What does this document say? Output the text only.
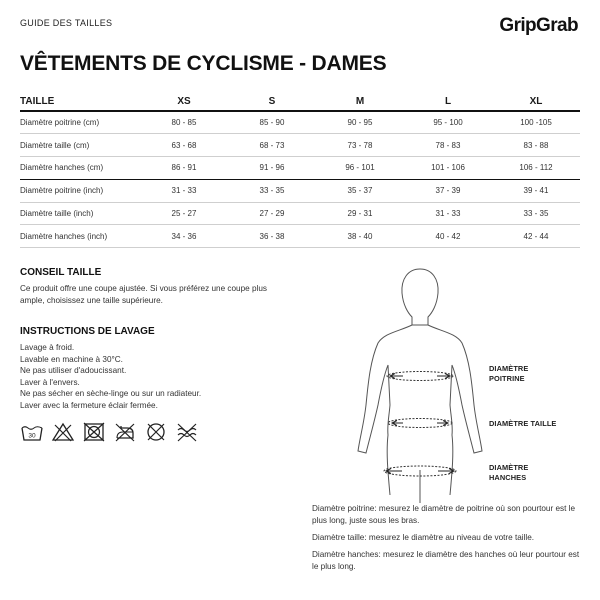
GUIDE DES TAILLES	GripGrab
VÊTEMENTS DE CYCLISME - DAMES
TAILLE	XS	S	M	L	XL
Diamètre poitrine (cm)	80 - 85	85 - 90	90 - 95	95 - 100	100 -105
Diamètre taille (cm)	63 - 68	68 - 73	73 - 78	78 - 83	83 - 88
Diamètre hanches (cm)	86 - 91	91 - 96	96 - 101	101 - 106	106 - 112
Diamètre poitrine (inch)	31 - 33	33 - 35	35 - 37	37 - 39	39 - 41
Diamètre taille (inch)	25 - 27	27 - 29	29 - 31	31 - 33	33 - 35
Diamètre hanches (inch)	34 - 36	36 - 38	38 - 40	40 - 42	42 - 44
CONSEIL TAILLE
Ce produit offre une coupe ajustée. Si vous préférez une coupe plus ample, choisissez une taille supérieure.
INSTRUCTIONS DE LAVAGE
Lavage à froid.
Lavable en machine à 30°C.
Ne pas utiliser d'adoucissant.
Laver à l'envers.
Ne pas sécher en sèche-linge ou sur un radiateur.
Laver avec la fermeture éclair fermée.
30
DIAMÈTRE
POITRINE
DIAMÈTRE TAILLE
DIAMÈTRE
HANCHES
Diamètre poitrine: mesurez le diamètre de poitrine où son pourtour est le plus long, juste sous les bras.
Diamètre taille: mesurez le diamètre au niveau de votre taille.
Diamètre hanches: mesurez le diamètre des hanches où leur pourtour est le plus long.
